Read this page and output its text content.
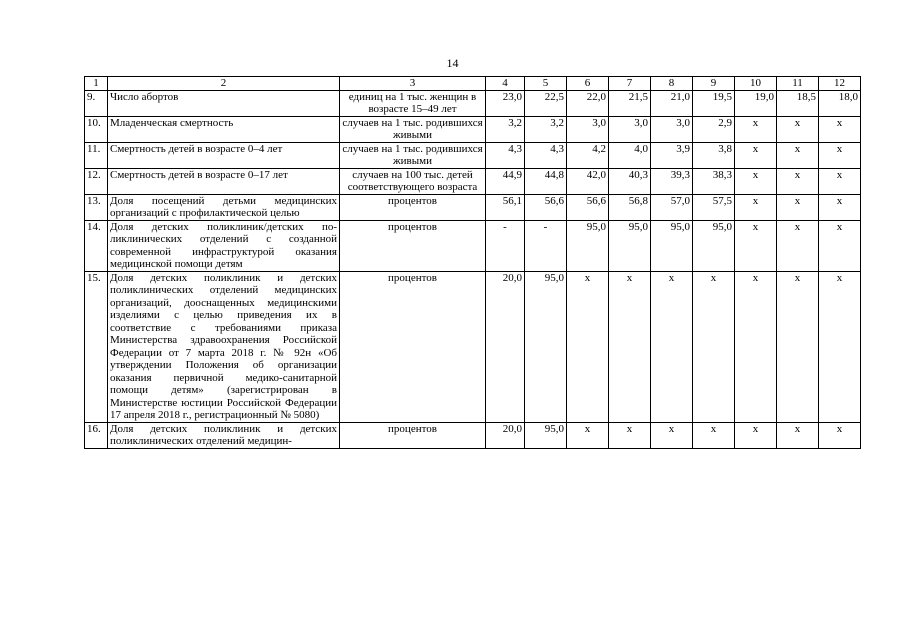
14
1	2	3	4	5	6	7	8	9	10	11	12
9.	Число абортов	единиц на 1 тыс. женщин в возрасте 15–49 лет	23,0	22,5	22,0	21,5	21,0	19,5	19,0	18,5	18,0
10.	Младенческая смертность	случаев на 1 тыс. родившихся живыми	3,2	3,2	3,0	3,0	3,0	2,9	x	x	x
11.	Смертность детей в возрасте 0–4 лет	случаев на 1 тыс. родившихся живыми	4,3	4,3	4,2	4,0	3,9	3,8	x	x	x
12.	Смертность детей в возрасте 0–17 лет	случаев на 100 тыс. детей соответствующего возраста	44,9	44,8	42,0	40,3	39,3	38,3	x	x	x
13.	Доля посещений детьми медицинских организаций с профилактической целью	процентов	56,1	56,6	56,6	56,8	57,0	57,5	x	x	x
14.	Доля детских поликлиник/детских поликлинических отделений с созданной современной инфраструктурой оказания медицинской помощи детям	процентов	-	-	95,0	95,0	95,0	95,0	x	x	x
15.	Доля детских поликлиник и детских поликлинических отделений медицинских организаций, дооснащенных медицинскими изделиями с целью приведения их в соответствие с требованиями приказа Министерства здравоохранения Российской Федерации от 7 марта 2018 г. № 92н «Об утверждении Положения об организации оказания первичной медико-санитарной помощи детям» (зарегистрирован в Министерстве юстиции Российской Федерации 17 апреля 2018 г., регистрационный № 5080)	процентов	20,0	95,0	x	x	x	x	x	x	x
16.	Доля детских поликлиник и детских поликлинических отделений медицин-	процентов	20,0	95,0	x	x	x	x	x	x	x
